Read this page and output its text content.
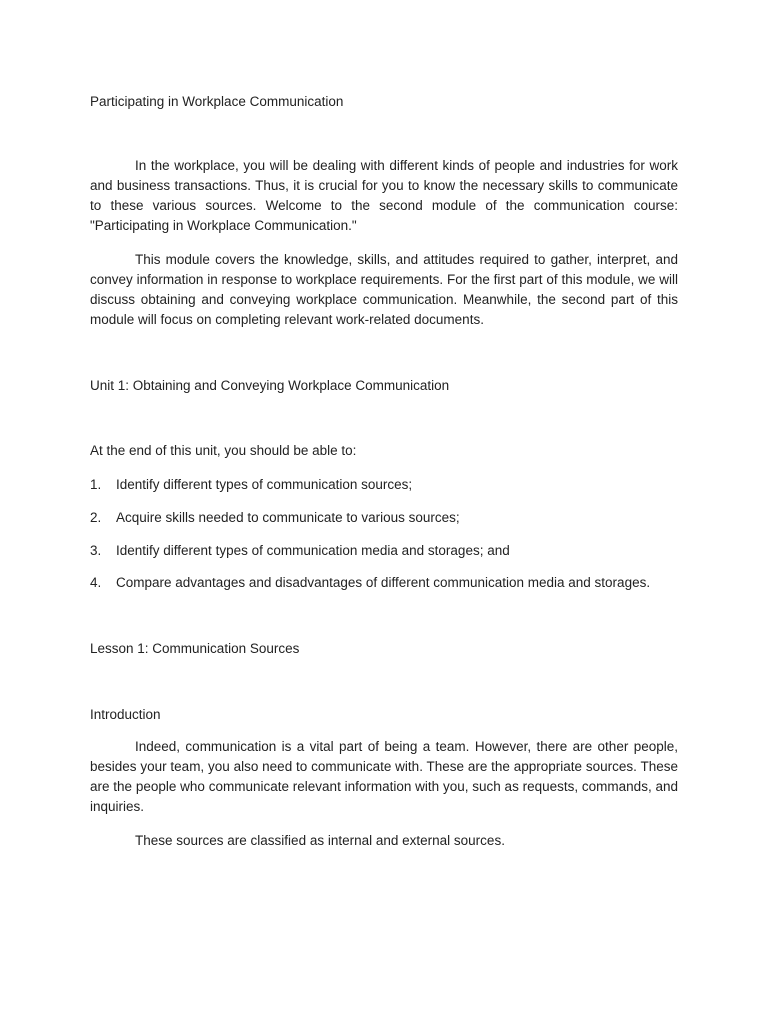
Participating in Workplace Communication

In the workplace, you will be dealing with different kinds of people and industries for work and business transactions. Thus, it is crucial for you to know the necessary skills to communicate to these various sources. Welcome to the second module of the communication course: "Participating in Workplace Communication."

This module covers the knowledge, skills, and attitudes required to gather, interpret, and convey information in response to workplace requirements. For the first part of this module, we will discuss obtaining and conveying workplace communication. Meanwhile, the second part of this module will focus on completing relevant work-related documents.

Unit 1: Obtaining and Conveying Workplace Communication
At the end of this unit, you should be able to:
1. Identify different types of communication sources;
2. Acquire skills needed to communicate to various sources;
3. Identify different types of communication media and storages; and
4. Compare advantages and disadvantages of different communication media and storages.
Lesson 1: Communication Sources
Introduction

Indeed, communication is a vital part of being a team. However, there are other people, besides your team, you also need to communicate with. These are the appropriate sources. These are the people who communicate relevant information with you, such as requests, commands, and inquiries.

These sources are classified as internal and external sources.
